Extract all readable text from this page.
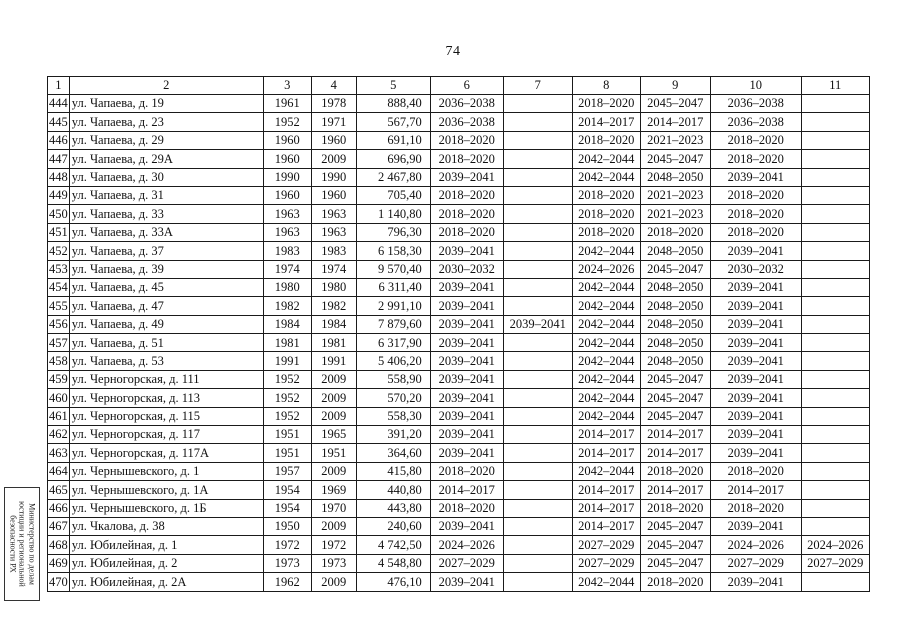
74
1	2	3	4	5	6	7	8	9	10	11
444	ул. Чапаева, д. 19	1961	1978	888,40	2036–2038		2018–2020	2045–2047	2036–2038	
445	ул. Чапаева, д. 23	1952	1971	567,70	2036–2038		2014–2017	2014–2017	2036–2038	
446	ул. Чапаева, д. 29	1960	1960	691,10	2018–2020		2018–2020	2021–2023	2018–2020	
447	ул. Чапаева, д. 29А	1960	2009	696,90	2018–2020		2042–2044	2045–2047	2018–2020	
448	ул. Чапаева, д. 30	1990	1990	2 467,80	2039–2041		2042–2044	2048–2050	2039–2041	
449	ул. Чапаева, д. 31	1960	1960	705,40	2018–2020		2018–2020	2021–2023	2018–2020	
450	ул. Чапаева, д. 33	1963	1963	1 140,80	2018–2020		2018–2020	2021–2023	2018–2020	
451	ул. Чапаева, д. 33А	1963	1963	796,30	2018–2020		2018–2020	2018–2020	2018–2020	
452	ул. Чапаева, д. 37	1983	1983	6 158,30	2039–2041		2042–2044	2048–2050	2039–2041	
453	ул. Чапаева, д. 39	1974	1974	9 570,40	2030–2032		2024–2026	2045–2047	2030–2032	
454	ул. Чапаева, д. 45	1980	1980	6 311,40	2039–2041		2042–2044	2048–2050	2039–2041	
455	ул. Чапаева, д. 47	1982	1982	2 991,10	2039–2041		2042–2044	2048–2050	2039–2041	
456	ул. Чапаева, д. 49	1984	1984	7 879,60	2039–2041	2039–2041	2042–2044	2048–2050	2039–2041	
457	ул. Чапаева, д. 51	1981	1981	6 317,90	2039–2041		2042–2044	2048–2050	2039–2041	
458	ул. Чапаева, д. 53	1991	1991	5 406,20	2039–2041		2042–2044	2048–2050	2039–2041	
459	ул. Черногорская, д. 111	1952	2009	558,90	2039–2041		2042–2044	2045–2047	2039–2041	
460	ул. Черногорская, д. 113	1952	2009	570,20	2039–2041		2042–2044	2045–2047	2039–2041	
461	ул. Черногорская, д. 115	1952	2009	558,30	2039–2041		2042–2044	2045–2047	2039–2041	
462	ул. Черногорская, д. 117	1951	1965	391,20	2039–2041		2014–2017	2014–2017	2039–2041	
463	ул. Черногорская, д. 117А	1951	1951	364,60	2039–2041		2014–2017	2014–2017	2039–2041	
464	ул. Чернышевского, д. 1	1957	2009	415,80	2018–2020		2042–2044	2018–2020	2018–2020	
465	ул. Чернышевского, д. 1А	1954	1969	440,80	2014–2017		2014–2017	2014–2017	2014–2017	
466	ул. Чернышевского, д. 1Б	1954	1970	443,80	2018–2020		2014–2017	2018–2020	2018–2020	
467	ул. Чкалова, д. 38	1950	2009	240,60	2039–2041		2014–2017	2045–2047	2039–2041	
468	ул. Юбилейная, д. 1	1972	1972	4 742,50	2024–2026		2027–2029	2045–2047	2024–2026	2024–2026
469	ул. Юбилейная, д. 2	1973	1973	4 548,80	2027–2029		2027–2029	2045–2047	2027–2029	2027–2029
470	ул. Юбилейная, д. 2А	1962	2009	476,10	2039–2041		2042–2044	2018–2020	2039–2041	
Министерство по делам юстиции и региональной безопасности РХ
